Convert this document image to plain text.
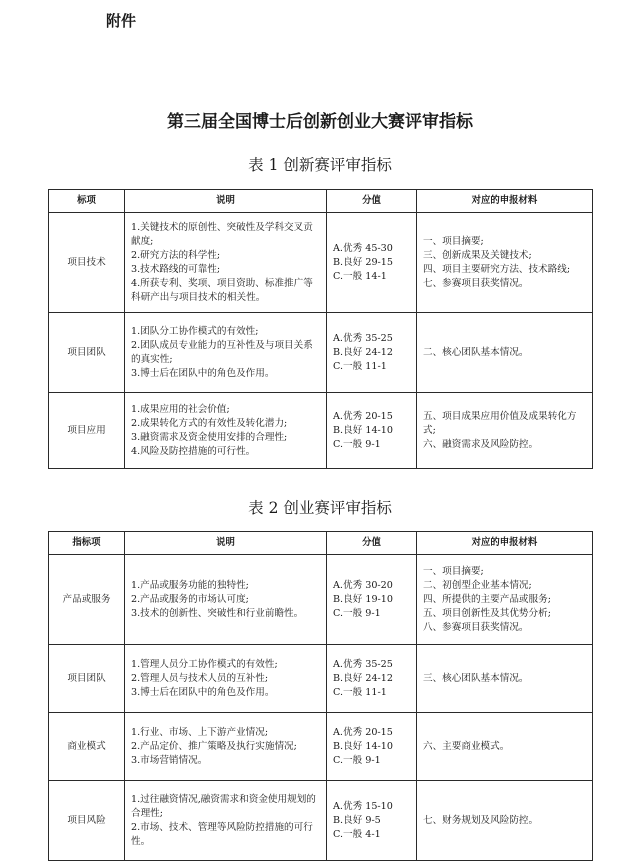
附件
第三届全国博士后创新创业大赛评审指标
表 1 创新赛评审指标
标项	说明	分值	对应的申报材料
项目技术	1.关键技术的原创性、突破性及学科交叉贡献度;
2.研究方法的科学性;
3.技术路线的可靠性;
4.所获专利、奖项、项目资助、标准推广等科研产出与项目技术的相关性。	A.优秀 45-30
B.良好 29-15
C.一般 14-1	一、项目摘要;
三、创新成果及关键技术;
四、项目主要研究方法、技术路线;
七、参赛项目获奖情况。

项目团队	1.团队分工协作模式的有效性;
2.团队成员专业能力的互补性及与项目关系的真实性;
3.博士后在团队中的角色及作用。	A.优秀 35-25
B.良好 24-12
C.一般 11-1	二、核心团队基本情况。

项目应用	1.成果应用的社会价值;
2.成果转化方式的有效性及转化潜力;
3.融资需求及资金使用安排的合理性;
4.风险及防控措施的可行性。	A.优秀 20-15
B.良好 14-10
C.一般 9-1	五、项目成果应用价值及成果转化方式;
六、融资需求及风险防控。
表 2 创业赛评审指标
指标项	说明	分值	对应的申报材料
产品或服务	1.产品或服务功能的独特性;
2.产品或服务的市场认可度;
3.技术的创新性、突破性和行业前瞻性。	A.优秀 30-20
B.良好 19-10
C.一般 9-1	一、项目摘要;
二、初创型企业基本情况;
四、所提供的主要产品或服务;
五、项目创新性及其优势分析;
八、参赛项目获奖情况。

项目团队	1.管理人员分工协作模式的有效性;
2.管理人员与技术人员的互补性;
3.博士后在团队中的角色及作用。	A.优秀 35-25
B.良好 24-12
C.一般 11-1	三、核心团队基本情况。

商业模式	1.行业、市场、上下游产业情况;
2.产品定价、推广策略及执行实施情况;
3.市场营销情况。	A.优秀 20-15
B.良好 14-10
C.一般 9-1	六、主要商业模式。

项目风险	1.过往融资情况,融资需求和资金使用规划的合理性;
2.市场、技术、管理等风险防控措施的可行性。	A.优秀 15-10
B.良好 9-5
C.一般 4-1	七、财务规划及风险防控。
